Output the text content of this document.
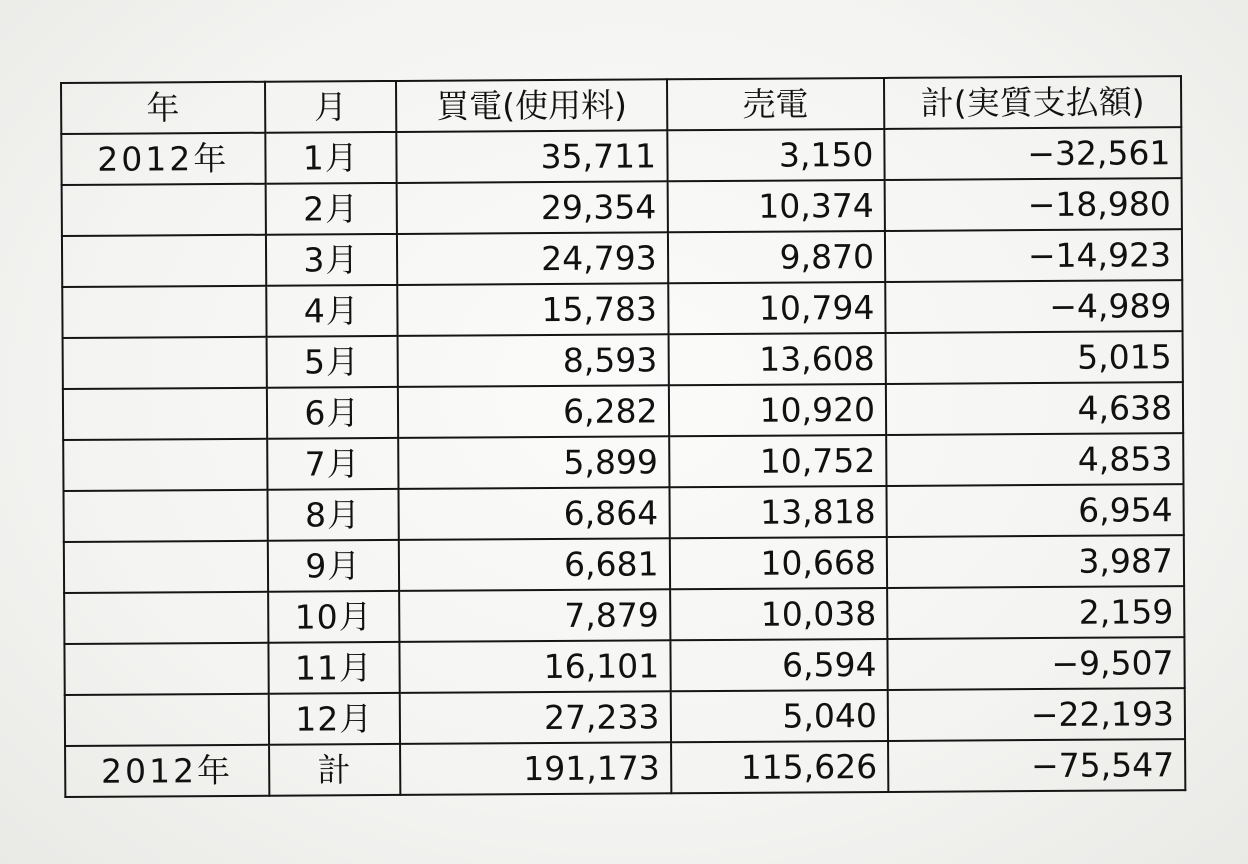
年	月	買電(使用料)	売電	計(実質支払額)
2012年	1月	35,711	3,150	−32,561
	2月	29,354	10,374	−18,980
	3月	24,793	9,870	−14,923
	4月	15,783	10,794	−4,989
	5月	8,593	13,608	5,015
	6月	6,282	10,920	4,638
	7月	5,899	10,752	4,853
	8月	6,864	13,818	6,954
	9月	6,681	10,668	3,987
	10月	7,879	10,038	2,159
	11月	16,101	6,594	−9,507
	12月	27,233	5,040	−22,193
2012年	計	191,173	115,626	−75,547
